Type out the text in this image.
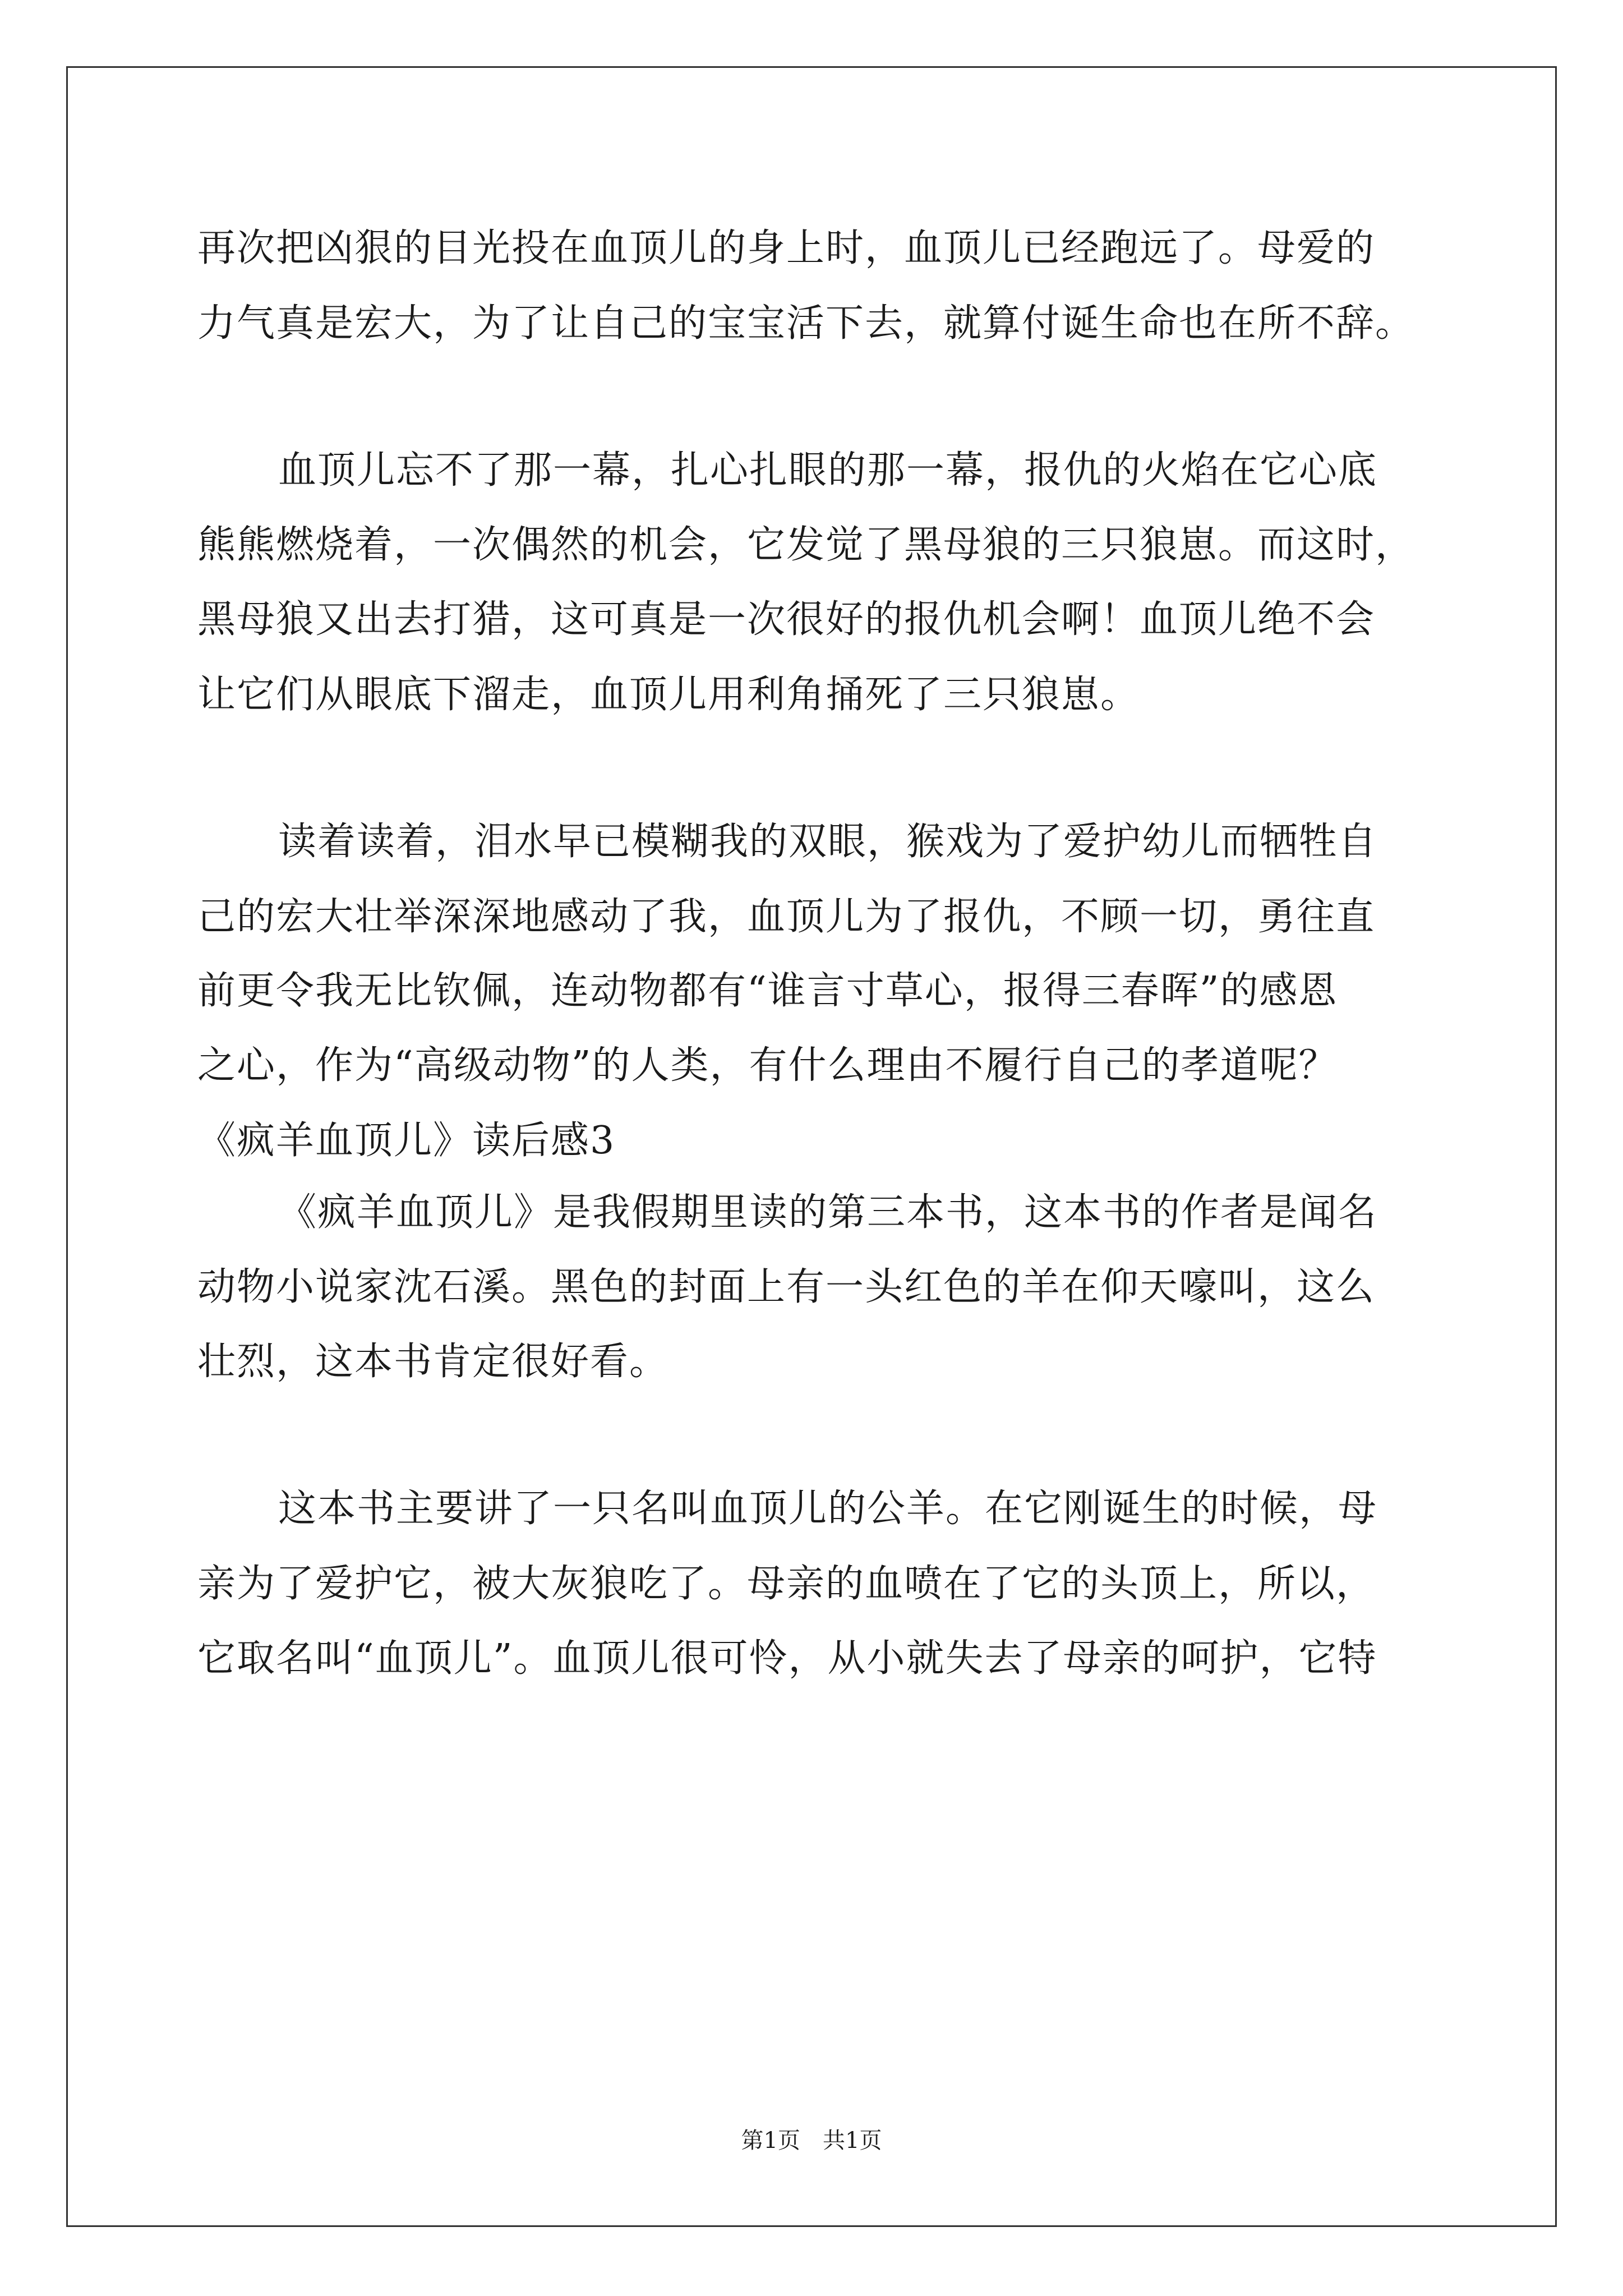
再次把凶狠的目光投在血顶儿的身上时，血顶儿已经跑远了。母爱的
力气真是宏大，为了让自己的宝宝活下去，就算付诞生命也在所不辞。
血顶儿忘不了那一幕，扎心扎眼的那一幕，报仇的火焰在它心底
熊熊燃烧着，一次偶然的机会，它发觉了黑母狼的三只狼崽。而这时，
黑母狼又出去打猎，这可真是一次很好的报仇机会啊！血顶儿绝不会
让它们从眼底下溜走，血顶儿用利角捅死了三只狼崽。
读着读着，泪水早已模糊我的双眼，猴戏为了爱护幼儿而牺牲自
己的宏大壮举深深地感动了我，血顶儿为了报仇，不顾一切，勇往直
前更令我无比钦佩，连动物都有“谁言寸草心，报得三春晖”的感恩
之心，作为“高级动物”的人类，有什么理由不履行自己的孝道呢？
《疯羊血顶儿》读后感3
《疯羊血顶儿》是我假期里读的第三本书，这本书的作者是闻名
动物小说家沈石溪。黑色的封面上有一头红色的羊在仰天嚎叫，这么
壮烈，这本书肯定很好看。
这本书主要讲了一只名叫血顶儿的公羊。在它刚诞生的时候，母
亲为了爱护它，被大灰狼吃了。母亲的血喷在了它的头顶上，所以，
它取名叫“血顶儿”。血顶儿很可怜，从小就失去了母亲的呵护，它特
第1页　共1页
